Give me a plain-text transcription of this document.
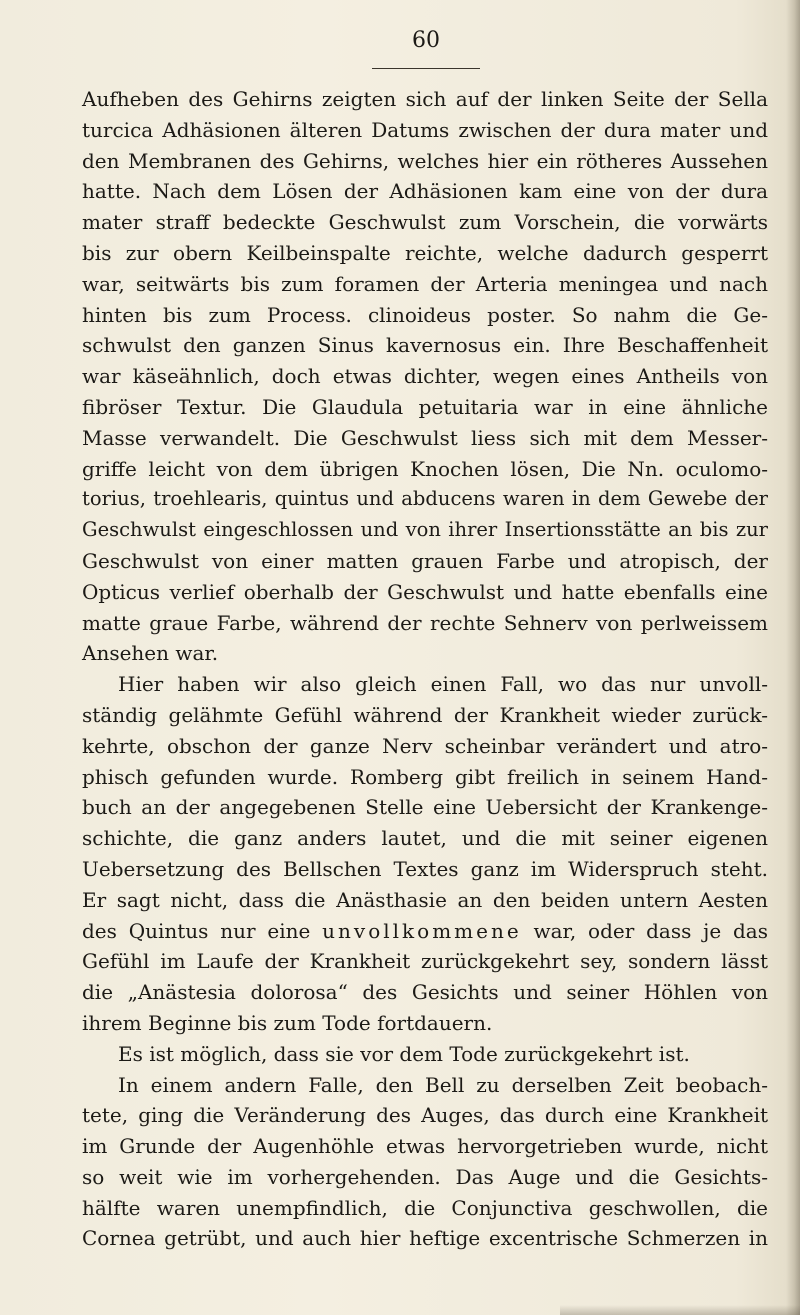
60
Aufheben des Gehirns zeigten sich auf der linken Seite der Sella
turcica Adhäsionen älteren Datums zwischen der dura mater und
den Membranen des Gehirns, welches hier ein rötheres Aussehen
hatte. Nach dem Lösen der Adhäsionen kam eine von der dura
mater straff bedeckte Geschwulst zum Vorschein, die vorwärts
bis zur obern Keilbeinspalte reichte, welche dadurch gesperrt
war, seitwärts bis zum foramen der Arteria meningea und nach
hinten bis zum Process. clinoideus poster. So nahm die Ge-
schwulst den ganzen Sinus kavernosus ein. Ihre Beschaffenheit
war käseähnlich, doch etwas dichter, wegen eines Antheils von
fibröser Textur. Die Glaudula petuitaria war in eine ähnliche
Masse verwandelt. Die Geschwulst liess sich mit dem Messer-
griffe leicht von dem übrigen Knochen lösen, Die Nn. oculomo-
torius, troehlearis, quintus und abducens waren in dem Gewebe der
Geschwulst eingeschlossen und von ihrer Insertionsstätte an bis zur
Geschwulst von einer matten grauen Farbe und atropisch, der
Opticus verlief oberhalb der Geschwulst und hatte ebenfalls eine
matte graue Farbe, während der rechte Sehnerv von perlweissem
Ansehen war.
Hier haben wir also gleich einen Fall, wo das nur unvoll-
ständig gelähmte Gefühl während der Krankheit wieder zurück-
kehrte, obschon der ganze Nerv scheinbar verändert und atro-
phisch gefunden wurde. Romberg gibt freilich in seinem Hand-
buch an der angegebenen Stelle eine Uebersicht der Krankenge-
schichte, die ganz anders lautet, und die mit seiner eigenen
Uebersetzung des Bellschen Textes ganz im Widerspruch steht.
Er sagt nicht, dass die Anästhasie an den beiden untern Aesten
des Quintus nur eine unvollkommene war, oder dass je das
Gefühl im Laufe der Krankheit zurückgekehrt sey, sondern lässt
die „Anästesia dolorosa“ des Gesichts und seiner Höhlen von
ihrem Beginne bis zum Tode fortdauern.
Es ist möglich, dass sie vor dem Tode zurückgekehrt ist.
In einem andern Falle, den Bell zu derselben Zeit beobach-
tete, ging die Veränderung des Auges, das durch eine Krankheit
im Grunde der Augenhöhle etwas hervorgetrieben wurde, nicht
so weit wie im vorhergehenden. Das Auge und die Gesichts-
hälfte waren unempfindlich, die Conjunctiva geschwollen, die
Cornea getrübt, und auch hier heftige excentrische Schmerzen in
